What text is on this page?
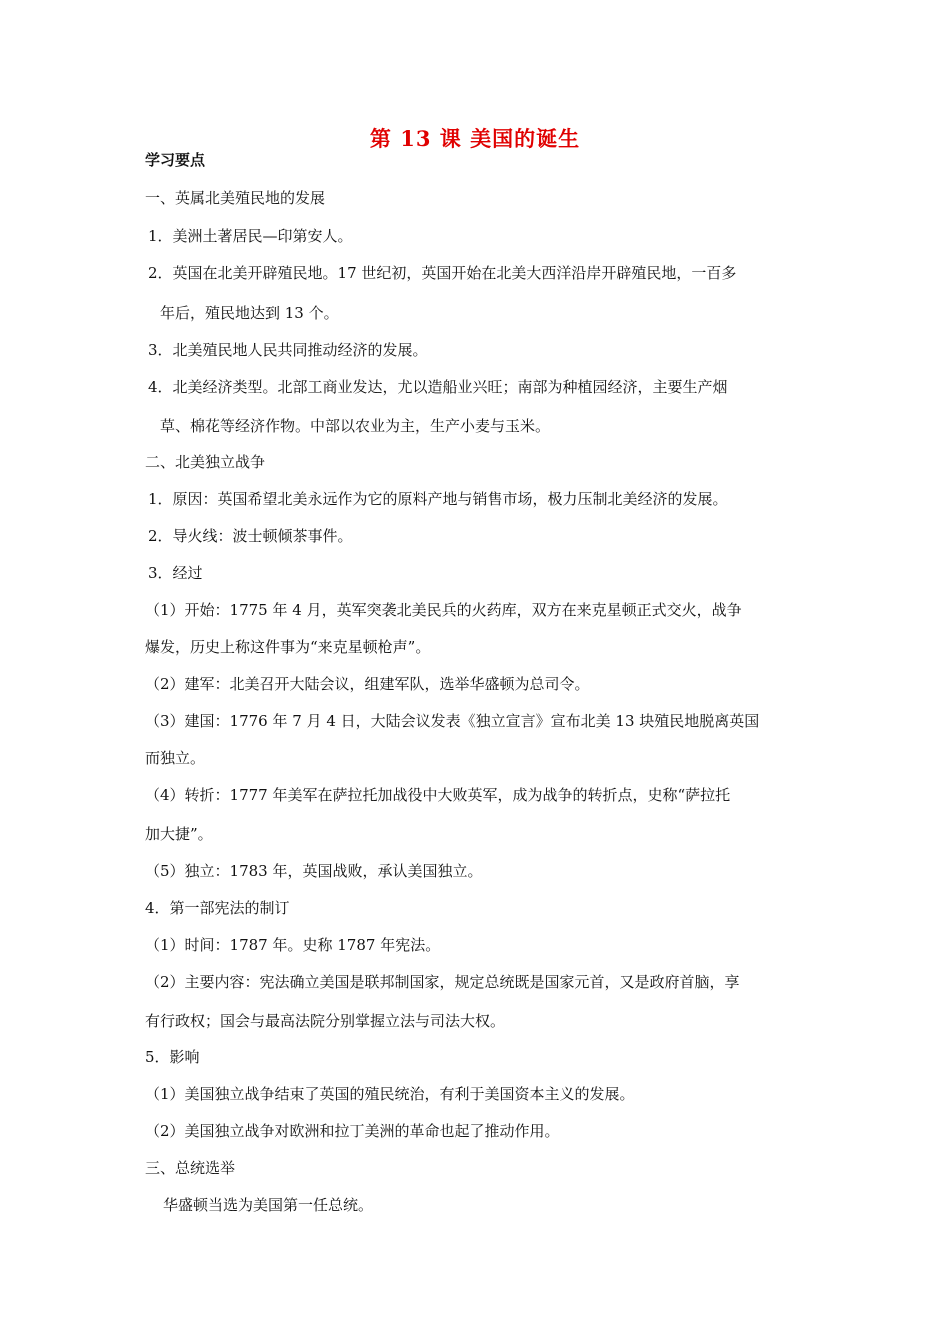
第 13 课 美国的诞生
学习要点
一、英属北美殖民地的发展
1．美洲土著居民—印第安人。
2．英国在北美开辟殖民地。17 世纪初，英国开始在北美大西洋沿岸开辟殖民地，一百多
年后，殖民地达到 13 个。
3．北美殖民地人民共同推动经济的发展。
4．北美经济类型。北部工商业发达，尤以造船业兴旺；南部为种植园经济，主要生产烟
草、棉花等经济作物。中部以农业为主，生产小麦与玉米。
二、北美独立战争
1．原因：英国希望北美永远作为它的原料产地与销售市场，极力压制北美经济的发展。
2．导火线：波士顿倾茶事件。
3．经过
（1）开始：1775 年 4 月，英军突袭北美民兵的火药库，双方在来克星顿正式交火，战争
爆发，历史上称这件事为“来克星顿枪声”。
（2）建军：北美召开大陆会议，组建军队，选举华盛顿为总司令。
（3）建国：1776 年 7 月 4 日，大陆会议发表《独立宣言》宣布北美 13 块殖民地脱离英国
而独立。
（4）转折：1777 年美军在萨拉托加战役中大败英军，成为战争的转折点，史称“萨拉托
加大捷”。
（5）独立：1783 年，英国战败，承认美国独立。
4．第一部宪法的制订
（1）时间：1787 年。史称 1787 年宪法。
（2）主要内容：宪法确立美国是联邦制国家，规定总统既是国家元首，又是政府首脑，享
有行政权；国会与最高法院分别掌握立法与司法大权。
5．影响
（1）美国独立战争结束了英国的殖民统治，有利于美国资本主义的发展。
（2）美国独立战争对欧洲和拉丁美洲的革命也起了推动作用。
三、总统选举
华盛顿当选为美国第一任总统。
